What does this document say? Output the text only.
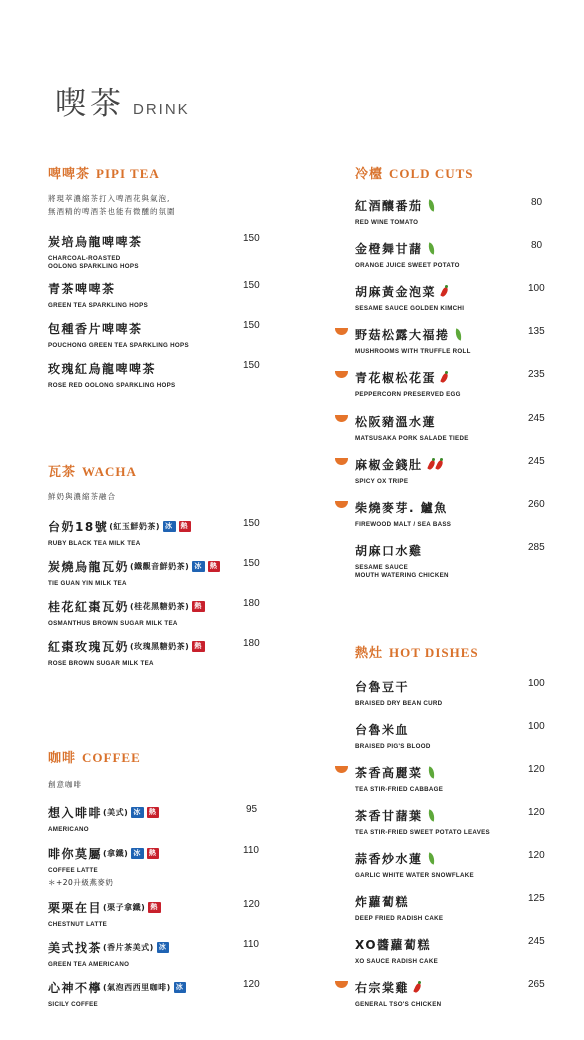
喫茶 DRINK
啤啤茶 PIPI TEA
將現萃濃縮茶打入啤酒花與氣泡,
無酒精的啤酒茶也能有微醺的氛圍
炭培烏龍啤啤茶
CHARCOAL-ROASTED
OOLONG SPARKLING HOPS
150
青茶啤啤茶
GREEN TEA SPARKLING HOPS
150
包種香片啤啤茶
POUCHONG GREEN TEA SPARKLING HOPS
150
玫瑰紅烏龍啤啤茶
ROSE RED OOLONG SPARKLING HOPS
150
瓦茶 WACHA
鮮奶與濃縮茶融合
台奶18號 (紅玉鮮奶茶) 冰 熱
RUBY BLACK TEA MILK TEA
150
炭燒烏龍瓦奶 (鐵觀音鮮奶茶) 冰 熱
TIE GUAN YIN MILK TEA
150
桂花紅棗瓦奶 (桂花黑糖奶茶) 熱
OSMANTHUS BROWN SUGAR MILK TEA
180
紅棗玫瑰瓦奶 (玫瑰黑糖奶茶) 熱
ROSE BROWN SUGAR MILK TEA
180
咖啡 COFFEE
創意咖啡
想入啡啡 (美式) 冰 熱
AMERICANO
95
啡你莫屬 (拿鐵) 冰 熱
COFFEE LATTE
＊+20升級燕麥奶
110
栗栗在目 (栗子拿鐵) 熱
CHESTNUT LATTE
120
美式找茶 (香片茶美式) 冰
GREEN TEA AMERICANO
110
心神不檸 (氣泡西西里咖啡) 冰
SICILY COFFEE
120
冷檯 COLD CUTS
紅酒釀番茄
RED WINE TOMATO
80
金橙舞甘藷
ORANGE JUICE SWEET POTATO
80
胡麻黃金泡菜
SESAME SAUCE GOLDEN KIMCHI
100
野菇松露大福捲
MUSHROOMS WITH TRUFFLE ROLL
135
青花椒松花蛋
PEPPERCORN PRESERVED EGG
235
松阪豬溫水蓮
MATSUSAKA PORK SALADE TIEDE
245
麻椒金錢肚
SPICY OX TRIPE
245
柴燒麥芽. 鱸魚
FIREWOOD MALT / SEA BASS
260
胡麻口水雞
SESAME SAUCE
MOUTH WATERING CHICKEN
285
熱灶 HOT DISHES
台魯豆干
BRAISED DRY BEAN CURD
100
台魯米血
BRAISED PIG'S BLOOD
100
茶香高麗菜
TEA STIR-FRIED CABBAGE
120
茶香甘藷葉
TEA STIR-FRIED SWEET POTATO LEAVES
120
蒜香炒水蓮
GARLIC WHITE WATER SNOWFLAKE
120
炸蘿蔔糕
DEEP FRIED RADISH CAKE
125
XO醬蘿蔔糕
XO SAUCE RADISH CAKE
245
右宗棠雞
GENERAL TSO'S CHICKEN
265
